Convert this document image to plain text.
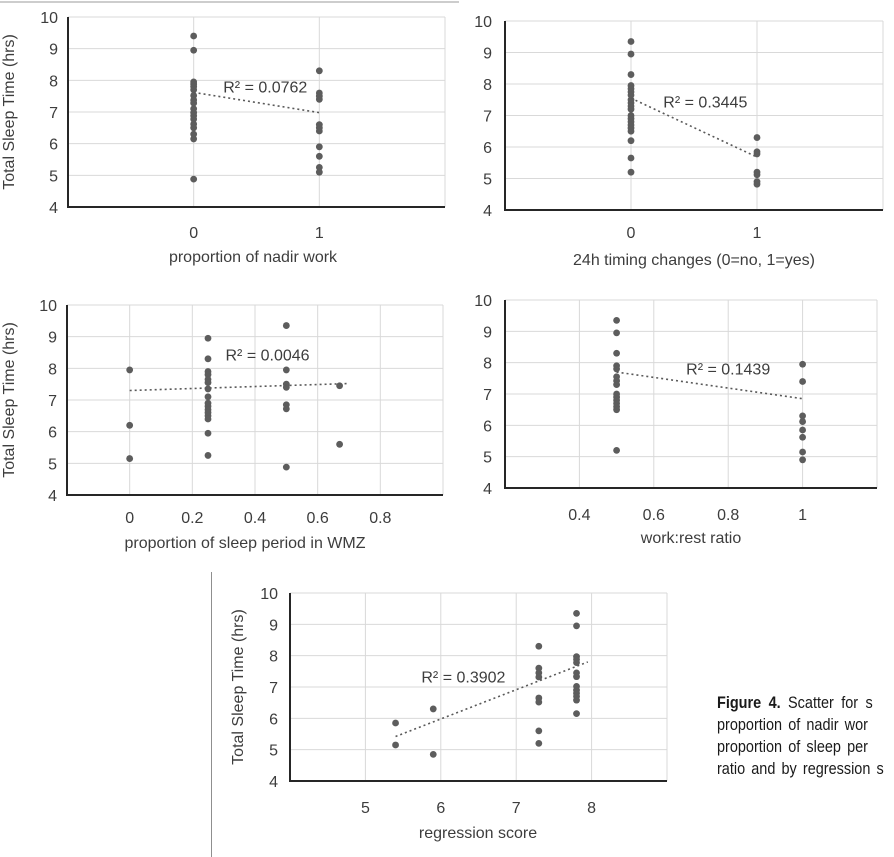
0	1
4
5
6
7
8
9
10
R² = 0.0762
proportion of nadir work
Total Sleep Time (hrs)
0	1
4
5
6
7
8
9
10
R² = 0.3445
24h timing changes (0=no, 1=yes)
0	0.2	0.4	0.6	0.8
4
5
6
7
8
9
10
R² = 0.0046
proportion of sleep period in WMZ
Total Sleep Time (hrs)
0.4	0.6	0.8	1
4
5
6
7
8
9
10
R² = 0.1439
work:rest ratio
5	6	7	8
4
5
6
7
8
9
10
R² = 0.3902
regression score
Total Sleep Time (hrs)	Figure 4. Scatter for s
proportion of nadir wor
proportion of sleep per
ratio and by regression s
